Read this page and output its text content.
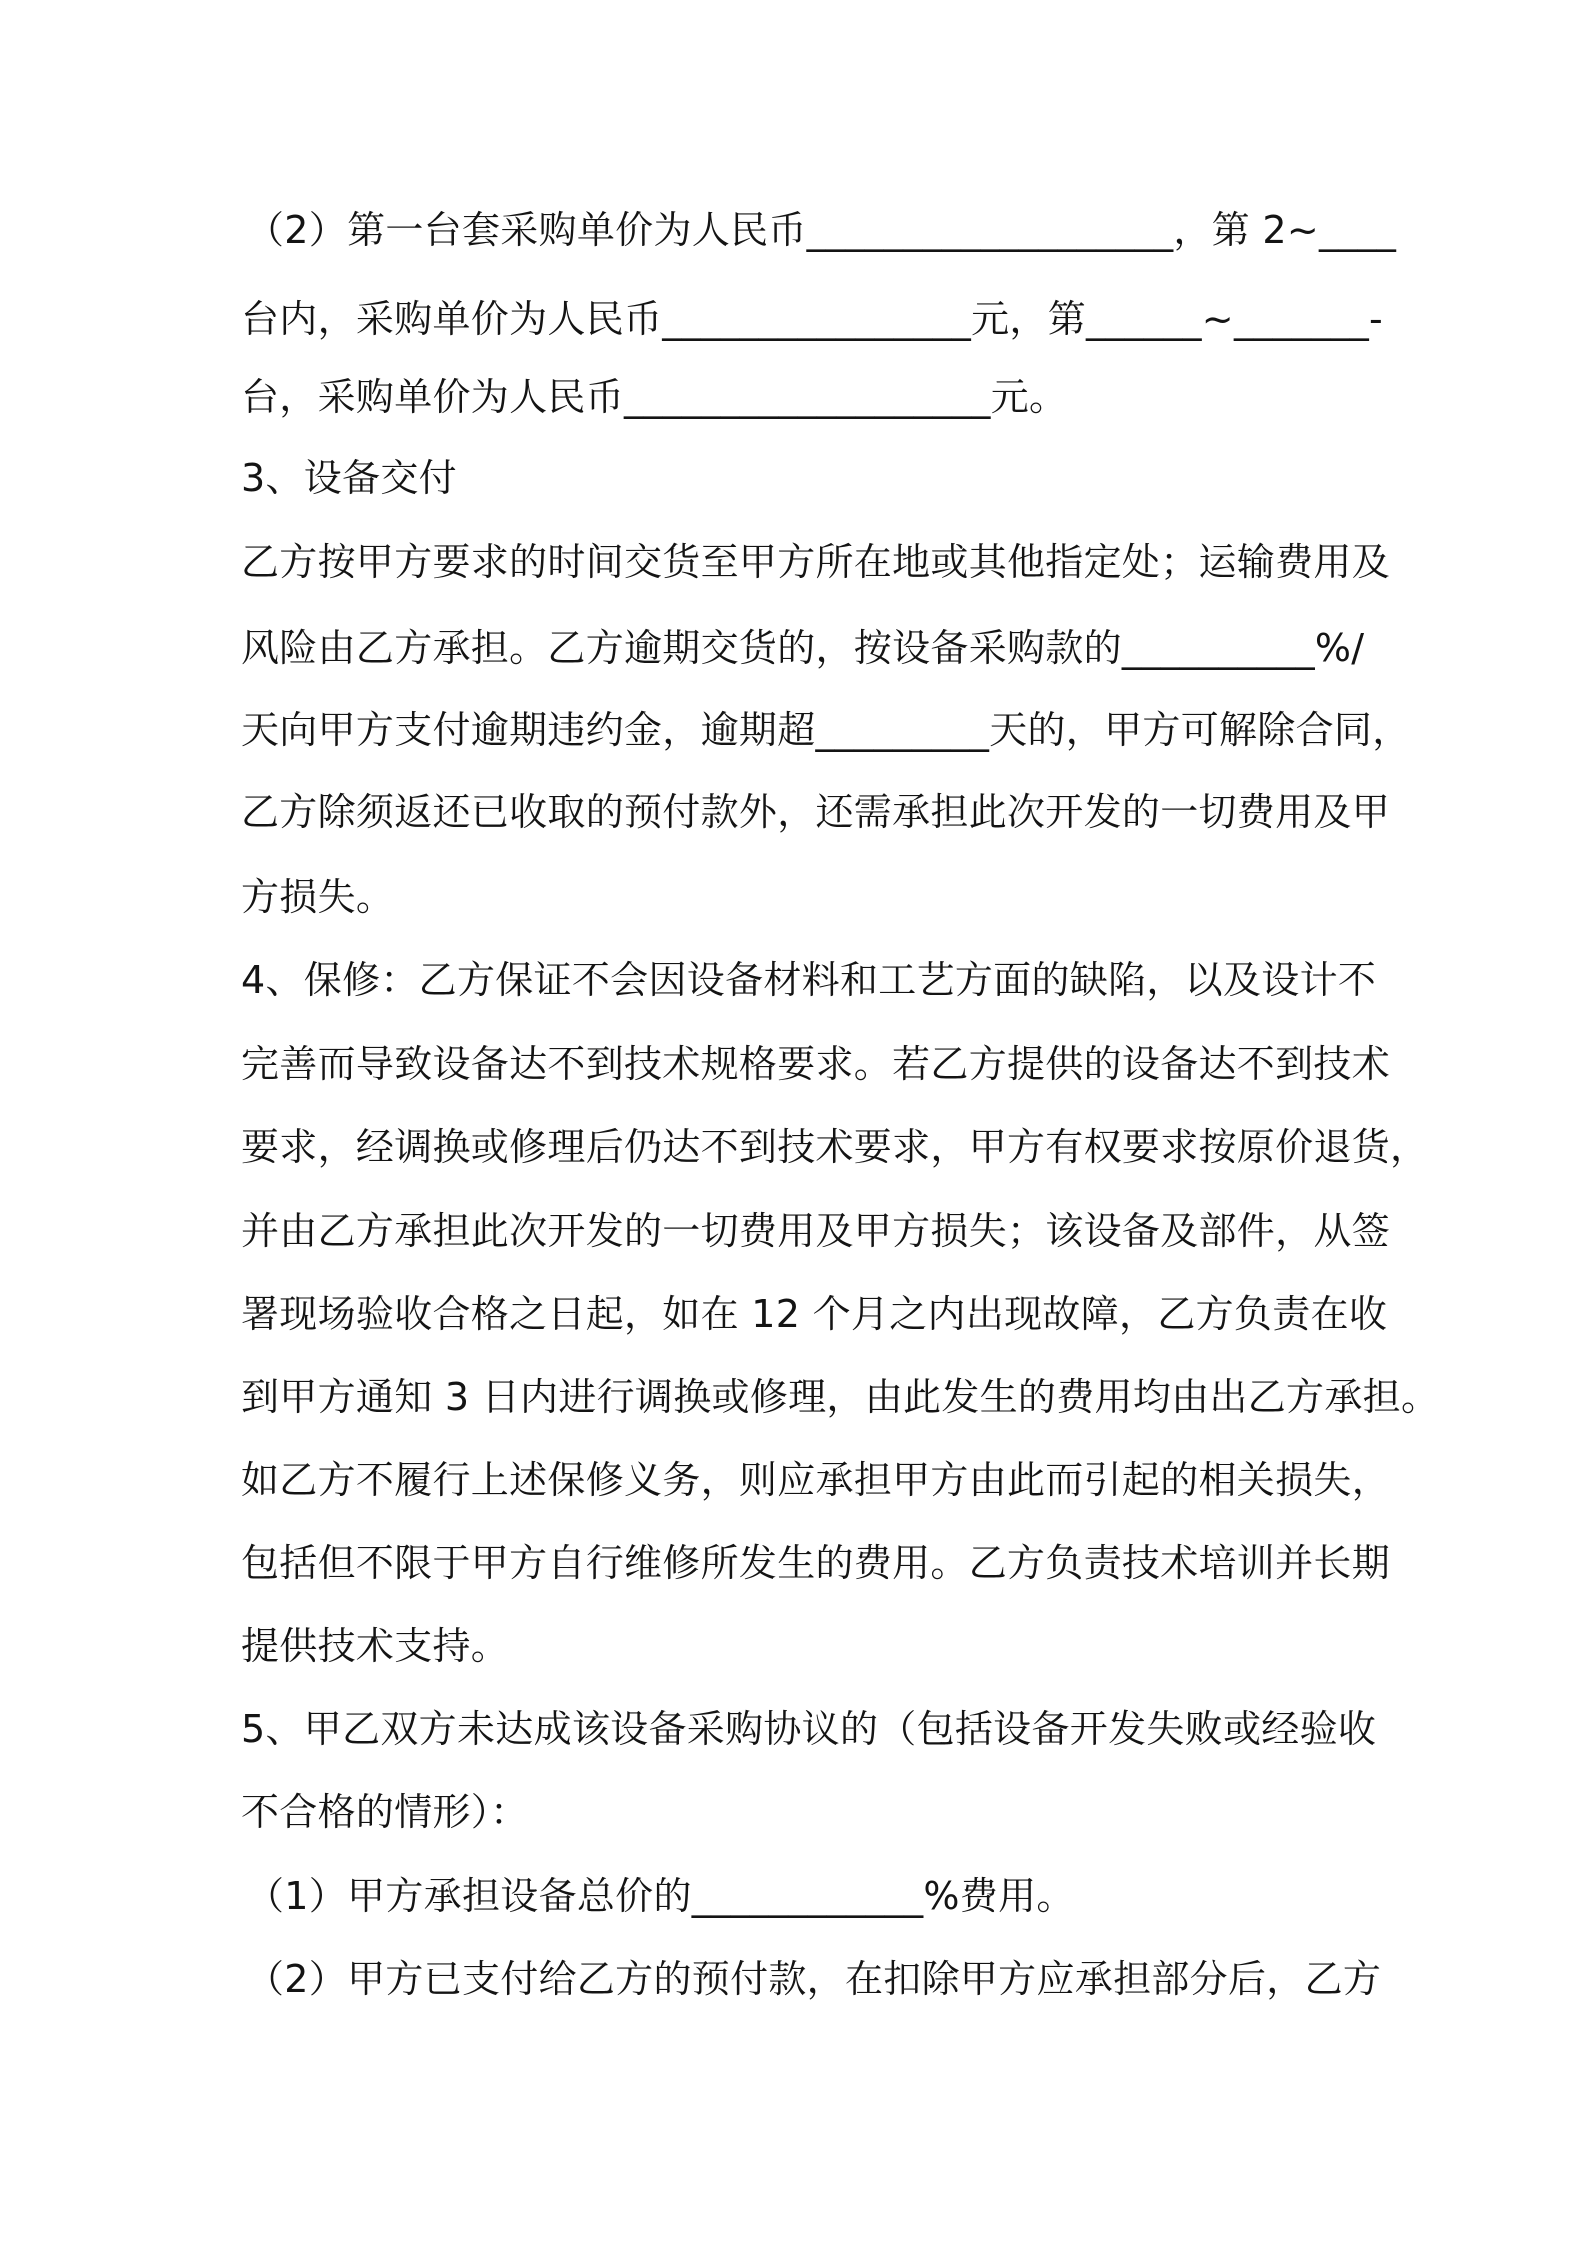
（2）第一台套采购单价为人民币___________________，第 2~____
台内，采购单价为人民币________________元，第______~_______-
台，采购单价为人民币___________________元。
3、设备交付
乙方按甲方要求的时间交货至甲方所在地或其他指定处；运输费用及
风险由乙方承担。乙方逾期交货的，按设备采购款的__________%/
天向甲方支付逾期违约金，逾期超_________天的，甲方可解除合同，
乙方除须返还已收取的预付款外，还需承担此次开发的一切费用及甲
方损失。
4、保修：乙方保证不会因设备材料和工艺方面的缺陷，以及设计不
完善而导致设备达不到技术规格要求。若乙方提供的设备达不到技术
要求，经调换或修理后仍达不到技术要求，甲方有权要求按原价退货，
并由乙方承担此次开发的一切费用及甲方损失；该设备及部件，从签
署现场验收合格之日起，如在 12 个月之内出现故障，乙方负责在收
到甲方通知 3 日内进行调换或修理，由此发生的费用均由出乙方承担。
如乙方不履行上述保修义务，则应承担甲方由此而引起的相关损失，
包括但不限于甲方自行维修所发生的费用。乙方负责技术培训并长期
提供技术支持。
5、甲乙双方未达成该设备采购协议的（包括设备开发失败或经验收
不合格的情形）：
（1）甲方承担设备总价的____________%费用。
（2）甲方已支付给乙方的预付款，在扣除甲方应承担部分后，乙方
